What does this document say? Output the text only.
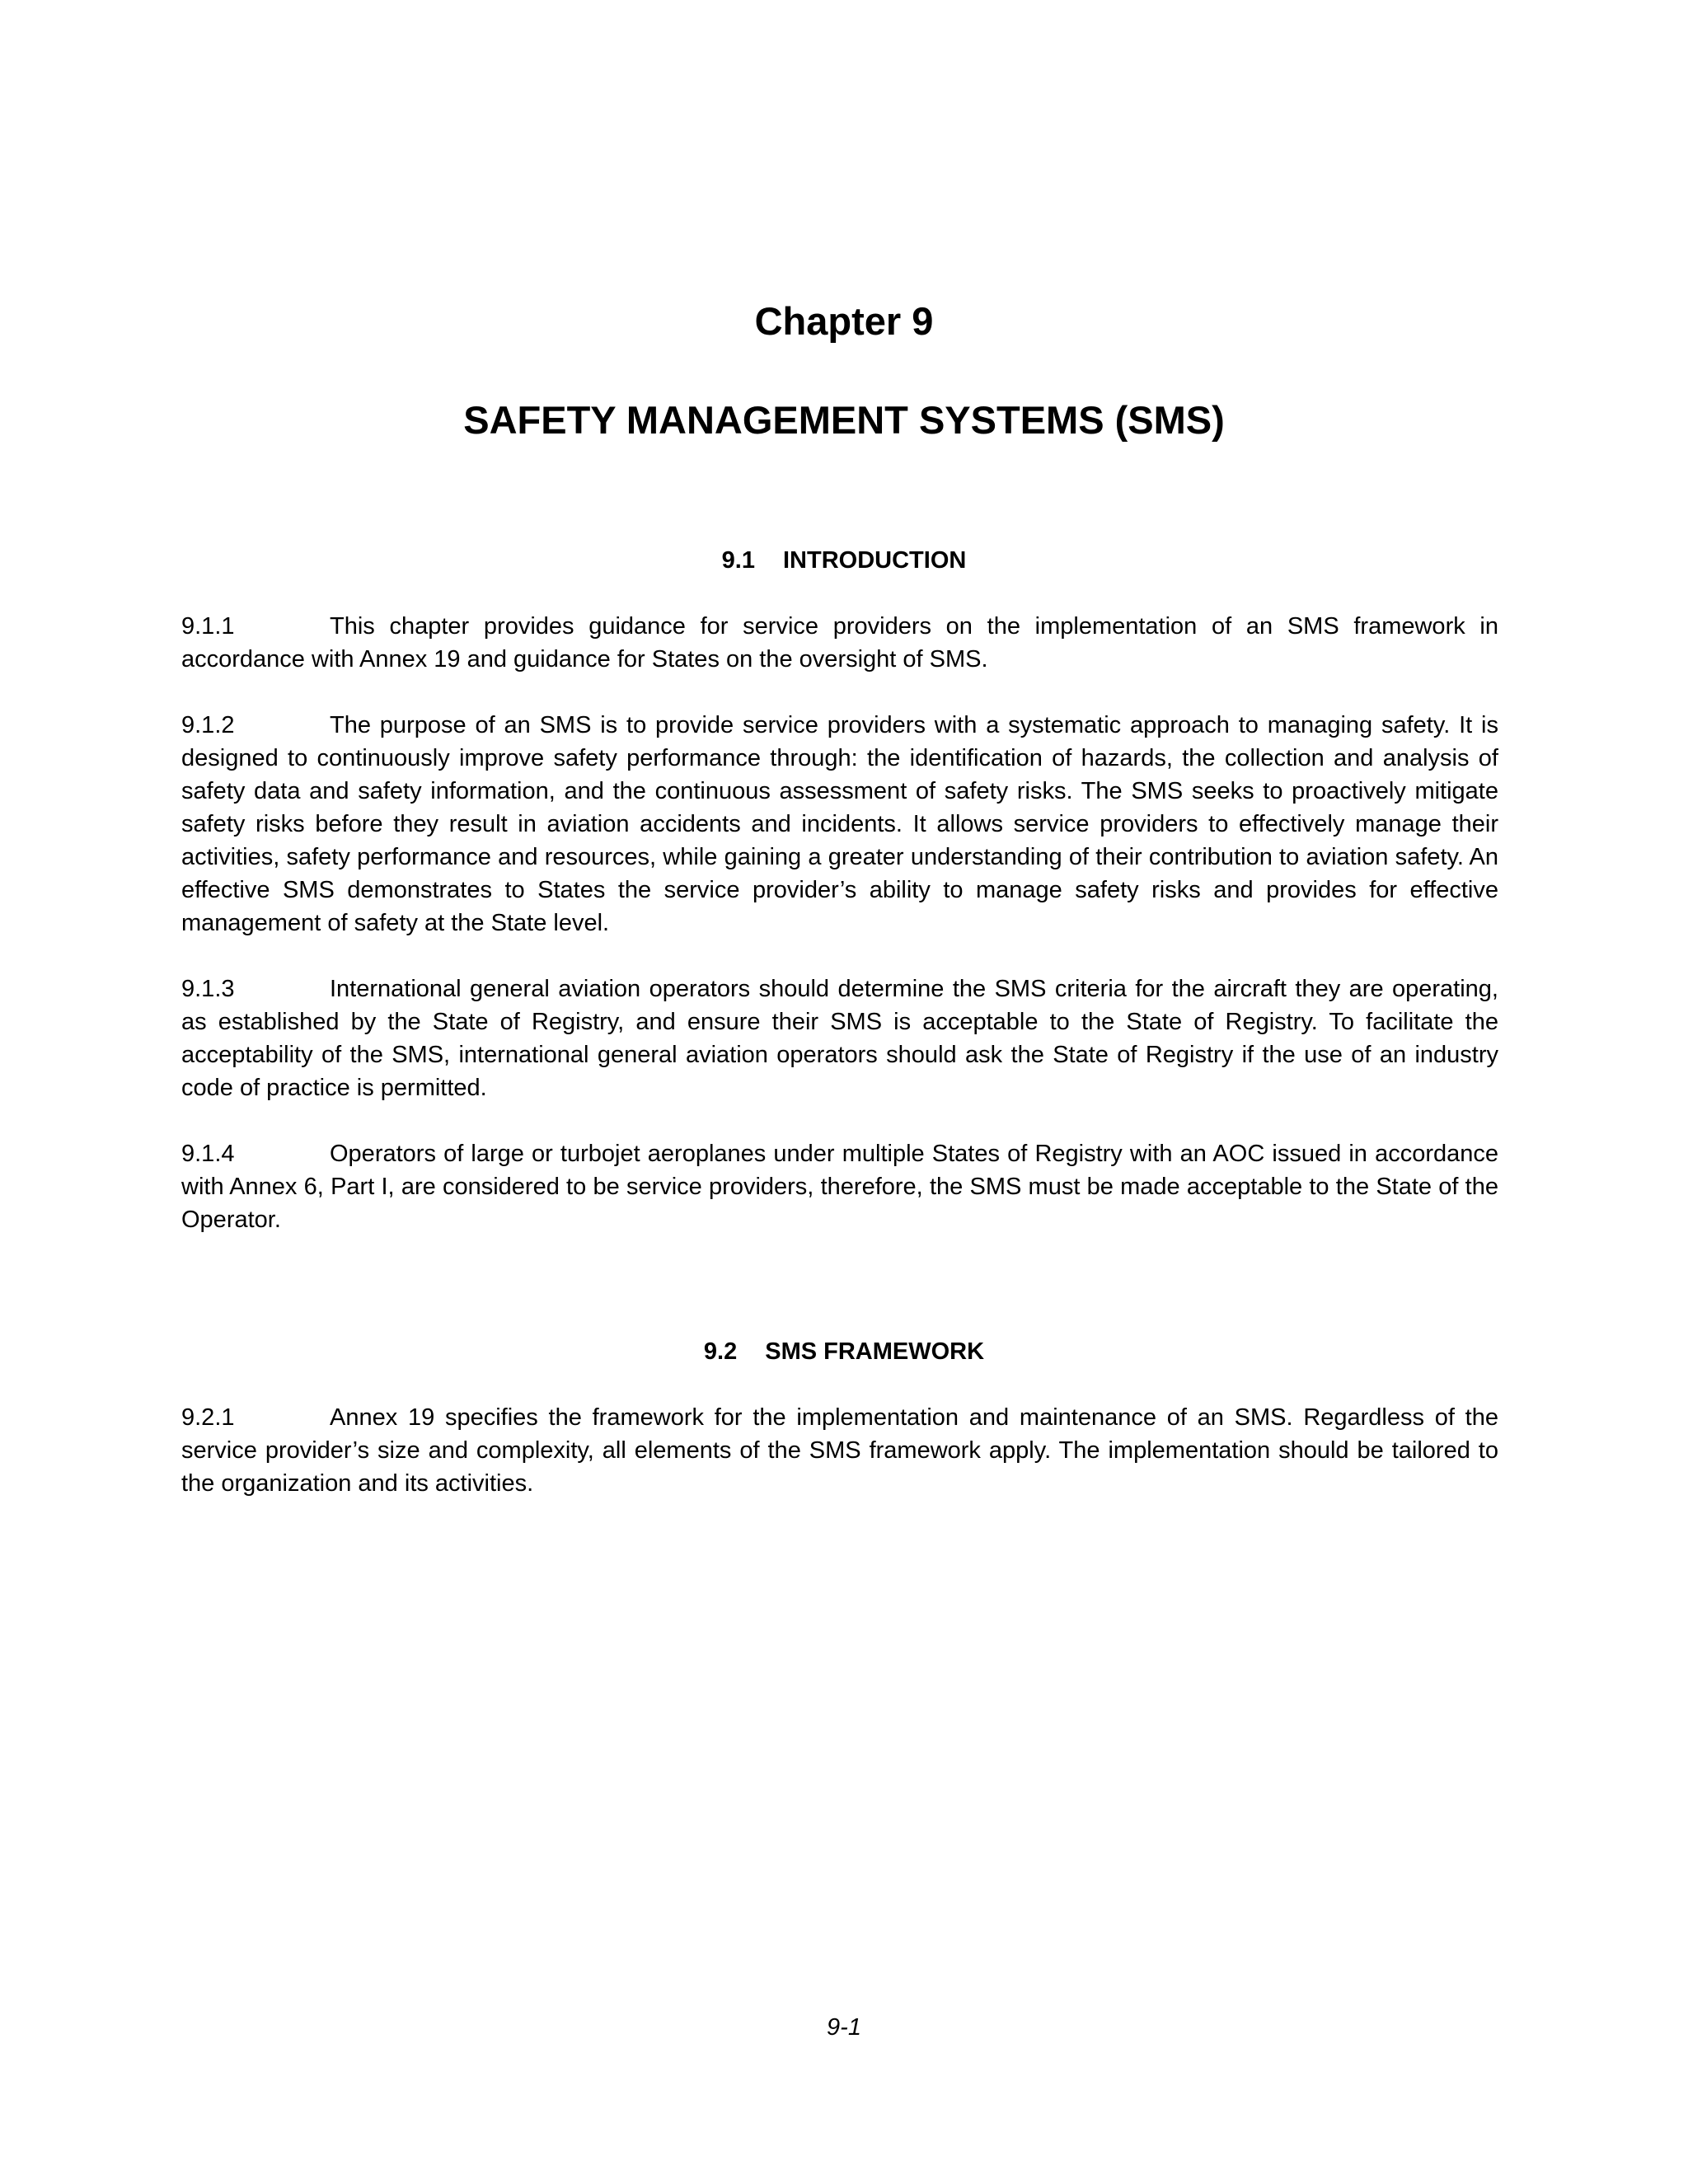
Chapter 9
SAFETY MANAGEMENT SYSTEMS (SMS)
9.1 INTRODUCTION

9.1.1	This chapter provides guidance for service providers on the implementation of an SMS framework in accordance with Annex 19 and guidance for States on the oversight of SMS.

9.1.2	The purpose of an SMS is to provide service providers with a systematic approach to managing safety. It is designed to continuously improve safety performance through: the identification of hazards, the collection and analysis of safety data and safety information, and the continuous assessment of safety risks. The SMS seeks to proactively mitigate safety risks before they result in aviation accidents and incidents. It allows service providers to effectively manage their activities, safety performance and resources, while gaining a greater understanding of their contribution to aviation safety. An effective SMS demonstrates to States the service provider’s ability to manage safety risks and provides for effective management of safety at the State level.

9.1.3	International general aviation operators should determine the SMS criteria for the aircraft they are operating, as established by the State of Registry, and ensure their SMS is acceptable to the State of Registry. To facilitate the acceptability of the SMS, international general aviation operators should ask the State of Registry if the use of an industry code of practice is permitted.

9.1.4	Operators of large or turbojet aeroplanes under multiple States of Registry with an AOC issued in accordance with Annex 6, Part I, are considered to be service providers, therefore, the SMS must be made acceptable to the State of the Operator.

9.2 SMS FRAMEWORK

9.2.1	Annex 19 specifies the framework for the implementation and maintenance of an SMS. Regardless of the service provider’s size and complexity, all elements of the SMS framework apply. The implementation should be tailored to the organization and its activities.

9-1
